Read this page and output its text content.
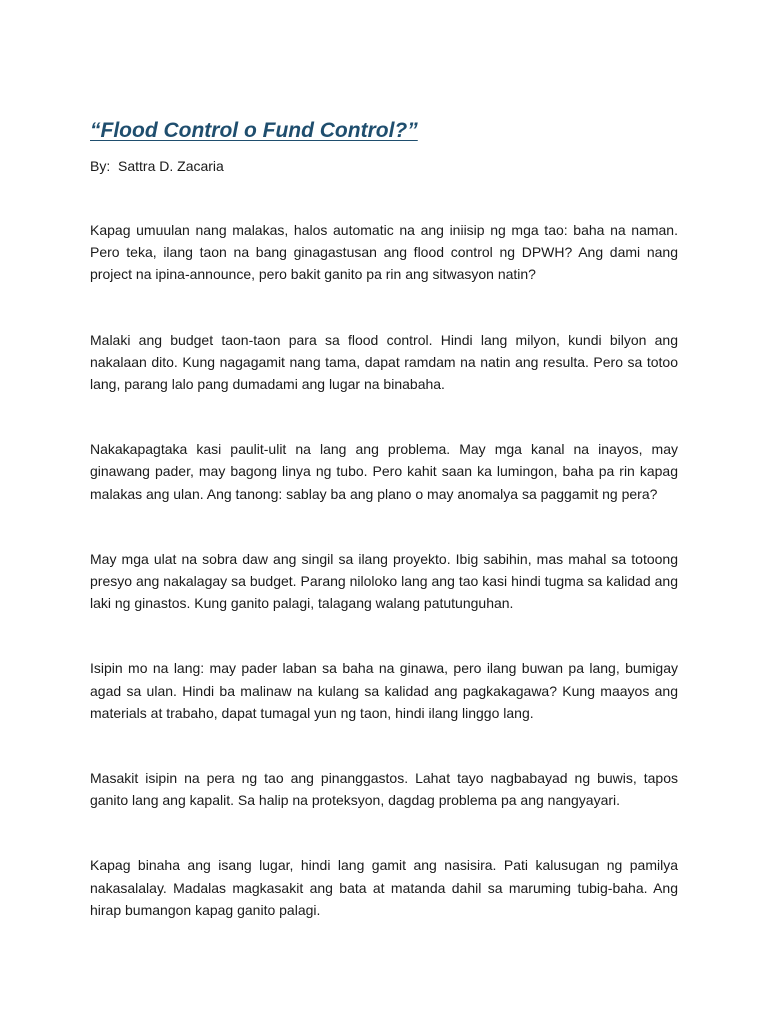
“Flood Control o Fund Control?”

By:  Sattra D. Zacaria

Kapag umuulan nang malakas, halos automatic na ang iniisip ng mga tao: baha na naman. Pero teka, ilang taon na bang ginagastusan ang flood control ng DPWH? Ang dami nang project na ipina-announce, pero bakit ganito pa rin ang sitwasyon natin?

Malaki ang budget taon-taon para sa flood control. Hindi lang milyon, kundi bilyon ang nakalaan dito. Kung nagagamit nang tama, dapat ramdam na natin ang resulta. Pero sa totoo lang, parang lalo pang dumadami ang lugar na binabaha.

Nakakapagtaka kasi paulit-ulit na lang ang problema. May mga kanal na inayos, may ginawang pader, may bagong linya ng tubo. Pero kahit saan ka lumingon, baha pa rin kapag malakas ang ulan. Ang tanong: sablay ba ang plano o may anomalya sa paggamit ng pera?

May mga ulat na sobra daw ang singil sa ilang proyekto. Ibig sabihin, mas mahal sa totoong presyo ang nakalagay sa budget. Parang niloloko lang ang tao kasi hindi tugma sa kalidad ang laki ng ginastos. Kung ganito palagi, talagang walang patutunguhan.

Isipin mo na lang: may pader laban sa baha na ginawa, pero ilang buwan pa lang, bumigay agad sa ulan. Hindi ba malinaw na kulang sa kalidad ang pagkakagawa? Kung maayos ang materials at trabaho, dapat tumagal yun ng taon, hindi ilang linggo lang.

Masakit isipin na pera ng tao ang pinanggastos. Lahat tayo nagbabayad ng buwis, tapos ganito lang ang kapalit. Sa halip na proteksyon, dagdag problema pa ang nangyayari.

Kapag binaha ang isang lugar, hindi lang gamit ang nasisira. Pati kalusugan ng pamilya nakasalalay. Madalas magkasakit ang bata at matanda dahil sa maruming tubig-baha. Ang hirap bumangon kapag ganito palagi.
